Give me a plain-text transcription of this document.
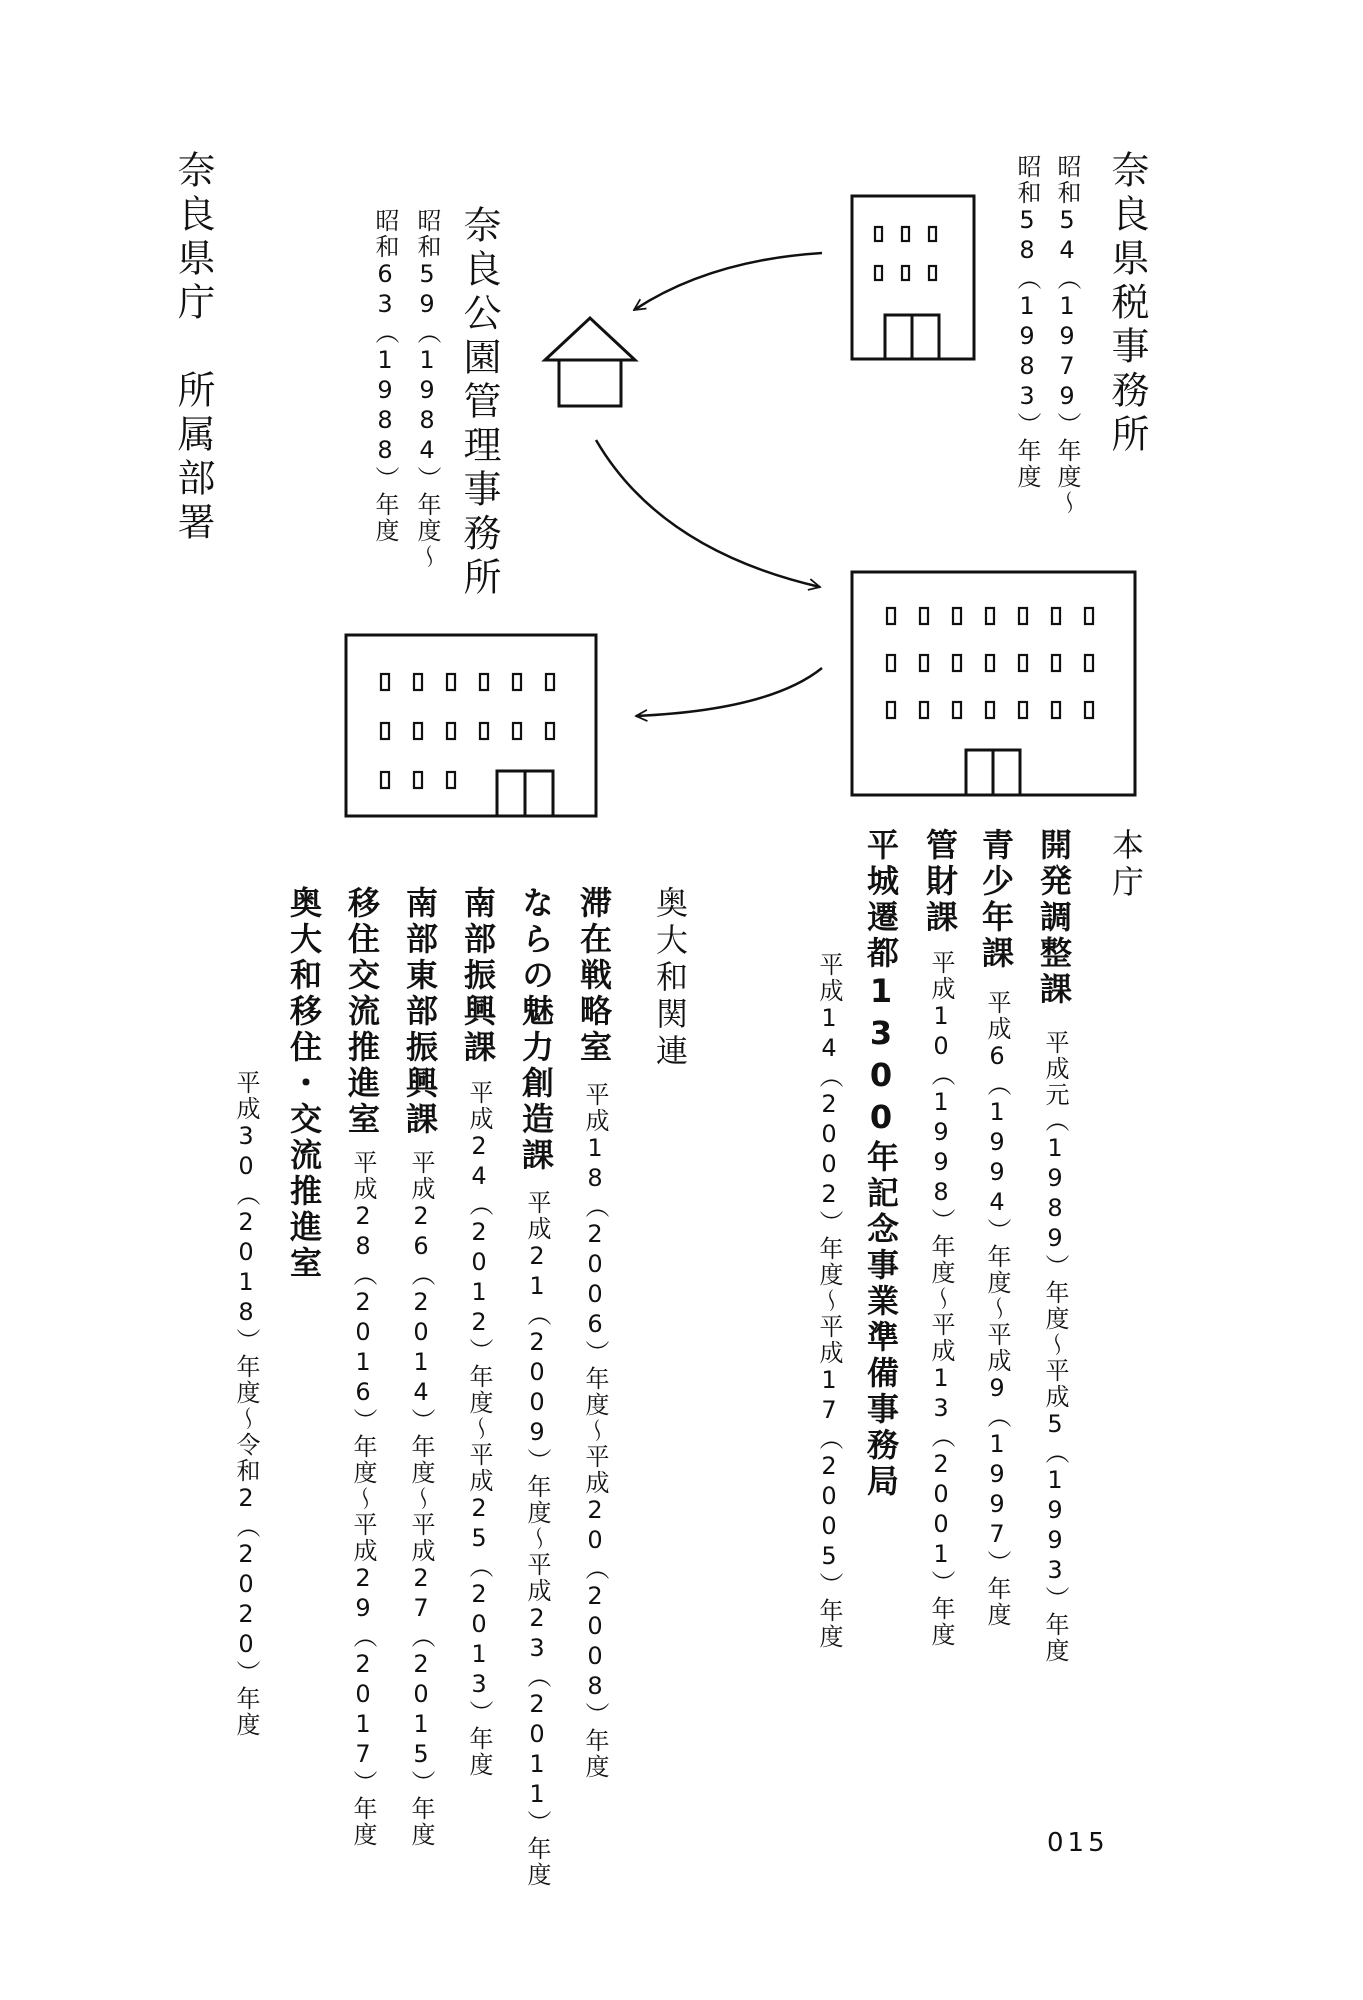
奈良県庁　所属部署	奈良県税事務所
昭和54（1979）年度〜
昭和58（1983）年度
奈良公園管理事務所
昭和59（1984）年度〜
昭和63（1988）年度
本庁
開発調整課
平成元（1989）年度〜平成5（1993）年度
青少年課
平成6（1994）年度〜平成9（1997）年度
管財課
平成10（1998）年度〜平成13（2001）年度
平城遷都1300年記念事業準備事務局
平成14（2002）年度〜平成17（2005）年度
奥大和関連
滞在戦略室
平成18（2006）年度〜平成20（2008）年度
ならの魅力創造課
平成21（2009）年度〜平成23（2011）年度
南部振興課
平成24（2012）年度〜平成25（2013）年度
南部東部振興課
平成26（2014）年度〜平成27（2015）年度
移住交流推進室
平成28（2016）年度〜平成29（2017）年度
奥大和移住・交流推進室
平成30（2018）年度〜令和2（2020）年度
015
